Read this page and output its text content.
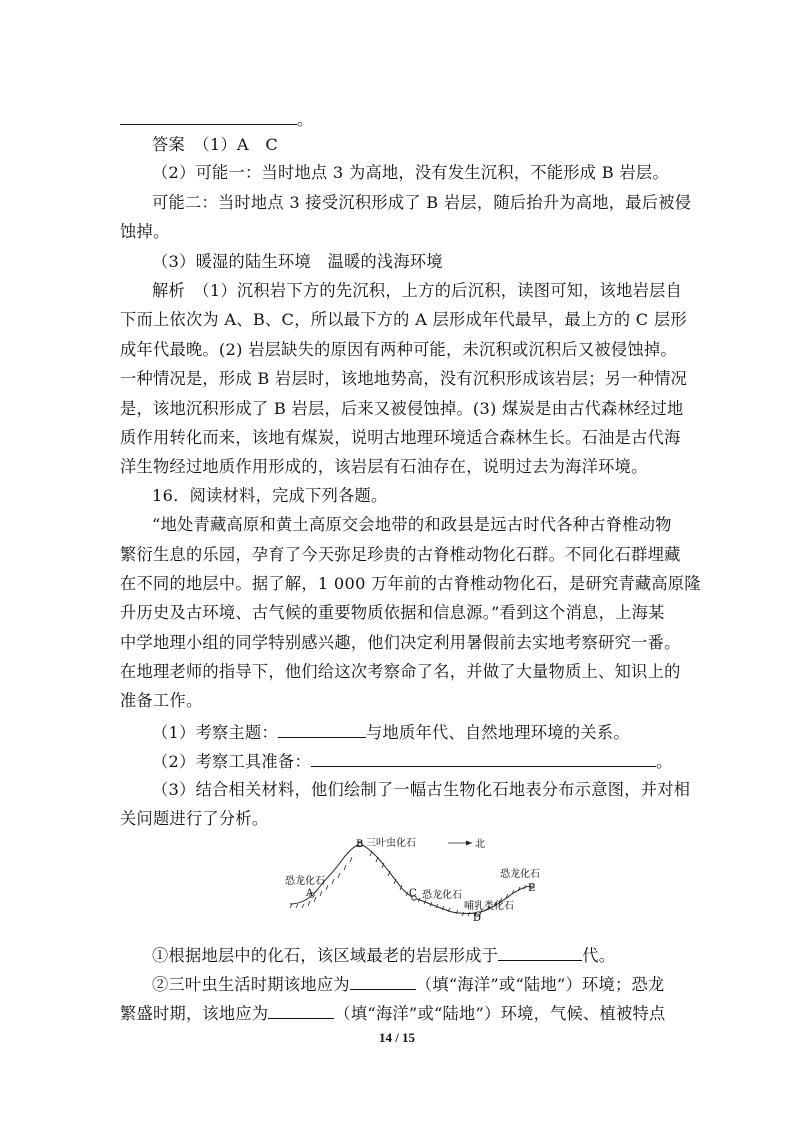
。
答案　（1）A　C
（2）可能一：当时地点 3 为高地，没有发生沉积，不能形成 B 岩层。
可能二：当时地点 3 接受沉积形成了 B 岩层，随后抬升为高地，最后被侵
蚀掉。
（3）暖湿的陆生环境　温暖的浅海环境
解析　（1）沉积岩下方的先沉积，上方的后沉积，读图可知，该地岩层自
下而上依次为 A、B、C，所以最下方的 A 层形成年代最早，最上方的 C 层形
成年代最晚。(2) 岩层缺失的原因有两种可能，未沉积或沉积后又被侵蚀掉。
一种情况是，形成 B 岩层时，该地地势高，没有沉积形成该岩层；另一种情况
是，该地沉积形成了 B 岩层，后来又被侵蚀掉。(3) 煤炭是由古代森林经过地
质作用转化而来，该地有煤炭，说明古地理环境适合森林生长。石油是古代海
洋生物经过地质作用形成的，该岩层有石油存在，说明过去为海洋环境。
16．阅读材料，完成下列各题。
“地处青藏高原和黄土高原交会地带的和政县是远古时代各种古脊椎动物
繁衍生息的乐园，孕育了今天弥足珍贵的古脊椎动物化石群。不同化石群埋藏
在不同的地层中。据了解，1 000 万年前的古脊椎动物化石，是研究青藏高原隆
升历史及古环境、古气候的重要物质依据和信息源。”看到这个消息，上海某
中学地理小组的同学特别感兴趣，他们决定利用暑假前去实地考察研究一番。
在地理老师的指导下，他们给这次考察命了名，并做了大量物质上、知识上的
准备工作。
（1）考察主题：	与地质年代、自然地理环境的关系。
（2）考察工具准备：	。
（3）结合相关材料，他们绘制了一幅古生物化石地表分布示意图，并对相
关问题进行了分析。
B 三叶虫化石	北
恐龙化石
A	C 恐龙化石
恐龙化石
E
哺乳类化石
D
①根据地层中的化石，该区域最老的岩层形成于	代。
②三叶虫生活时期该地应为	（填“海洋”或“陆地”）环境；恐龙
繁盛时期，该地应为	（填“海洋”或“陆地”）环境，气候、植被特点
14 / 15
